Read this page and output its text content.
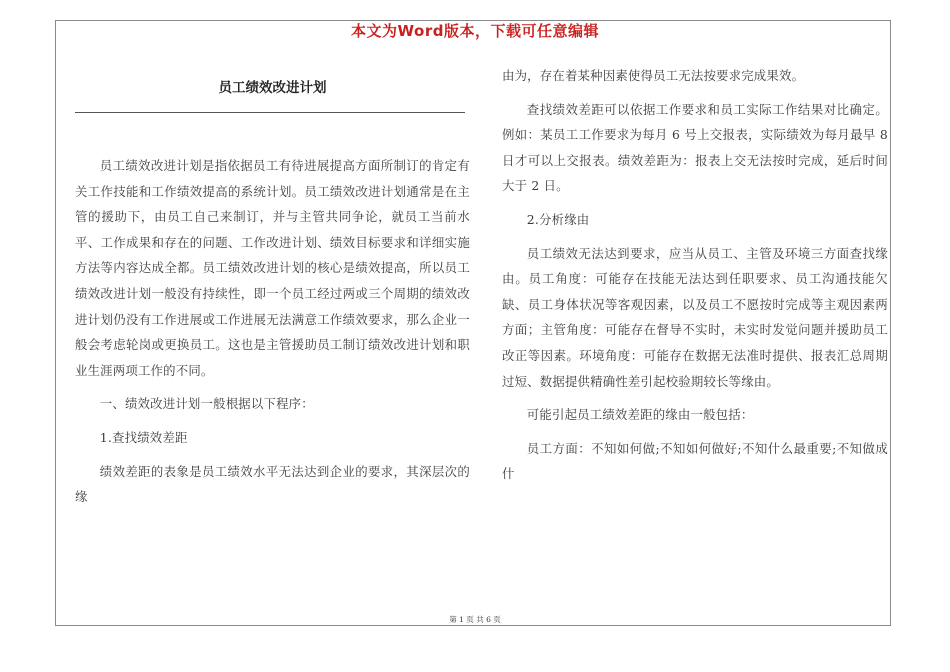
本文为Word版本，下载可任意编辑
员工绩效改进计划

员工绩效改进计划是指依据员工有待进展提高方面所制订的肯定有关工作技能和工作绩效提高的系统计划。员工绩效改进计划通常是在主管的援助下，由员工自己来制订，并与主管共同争论，就员工当前水平、工作成果和存在的问题、工作改进计划、绩效目标要求和详细实施方法等内容达成全都。员工绩效改进计划的核心是绩效提高，所以员工绩效改进计划一般没有持续性，即一个员工经过两或三个周期的绩效改进计划仍没有工作进展或工作进展无法满意工作绩效要求，那么企业一般会考虑轮岗或更换员工。这也是主管援助员工制订绩效改进计划和职业生涯两项工作的不同。

一、绩效改进计划一般根据以下程序：

1.查找绩效差距

绩效差距的表象是员工绩效水平无法达到企业的要求，其深层次的缘

由为，存在着某种因素使得员工无法按要求完成果效。

查找绩效差距可以依据工作要求和员工实际工作结果对比确定。例如：某员工工作要求为每月 6 号上交报表，实际绩效为每月最早 8 日才可以上交报表。绩效差距为：报表上交无法按时完成，延后时间大于 2 日。

2.分析缘由

员工绩效无法达到要求，应当从员工、主管及环境三方面查找缘由。员工角度：可能存在技能无法达到任职要求、员工沟通技能欠缺、员工身体状况等客观因素，以及员工不愿按时完成等主观因素两方面；主管角度：可能存在督导不实时，未实时发觉问题并援助员工改正等因素。环境角度：可能存在数据无法准时提供、报表汇总周期过短、数据提供精确性差引起校验期较长等缘由。

可能引起员工绩效差距的缘由一般包括：

员工方面：不知如何做;不知如何做好;不知什么最重要;不知做成什

第 1 页 共 6 页
